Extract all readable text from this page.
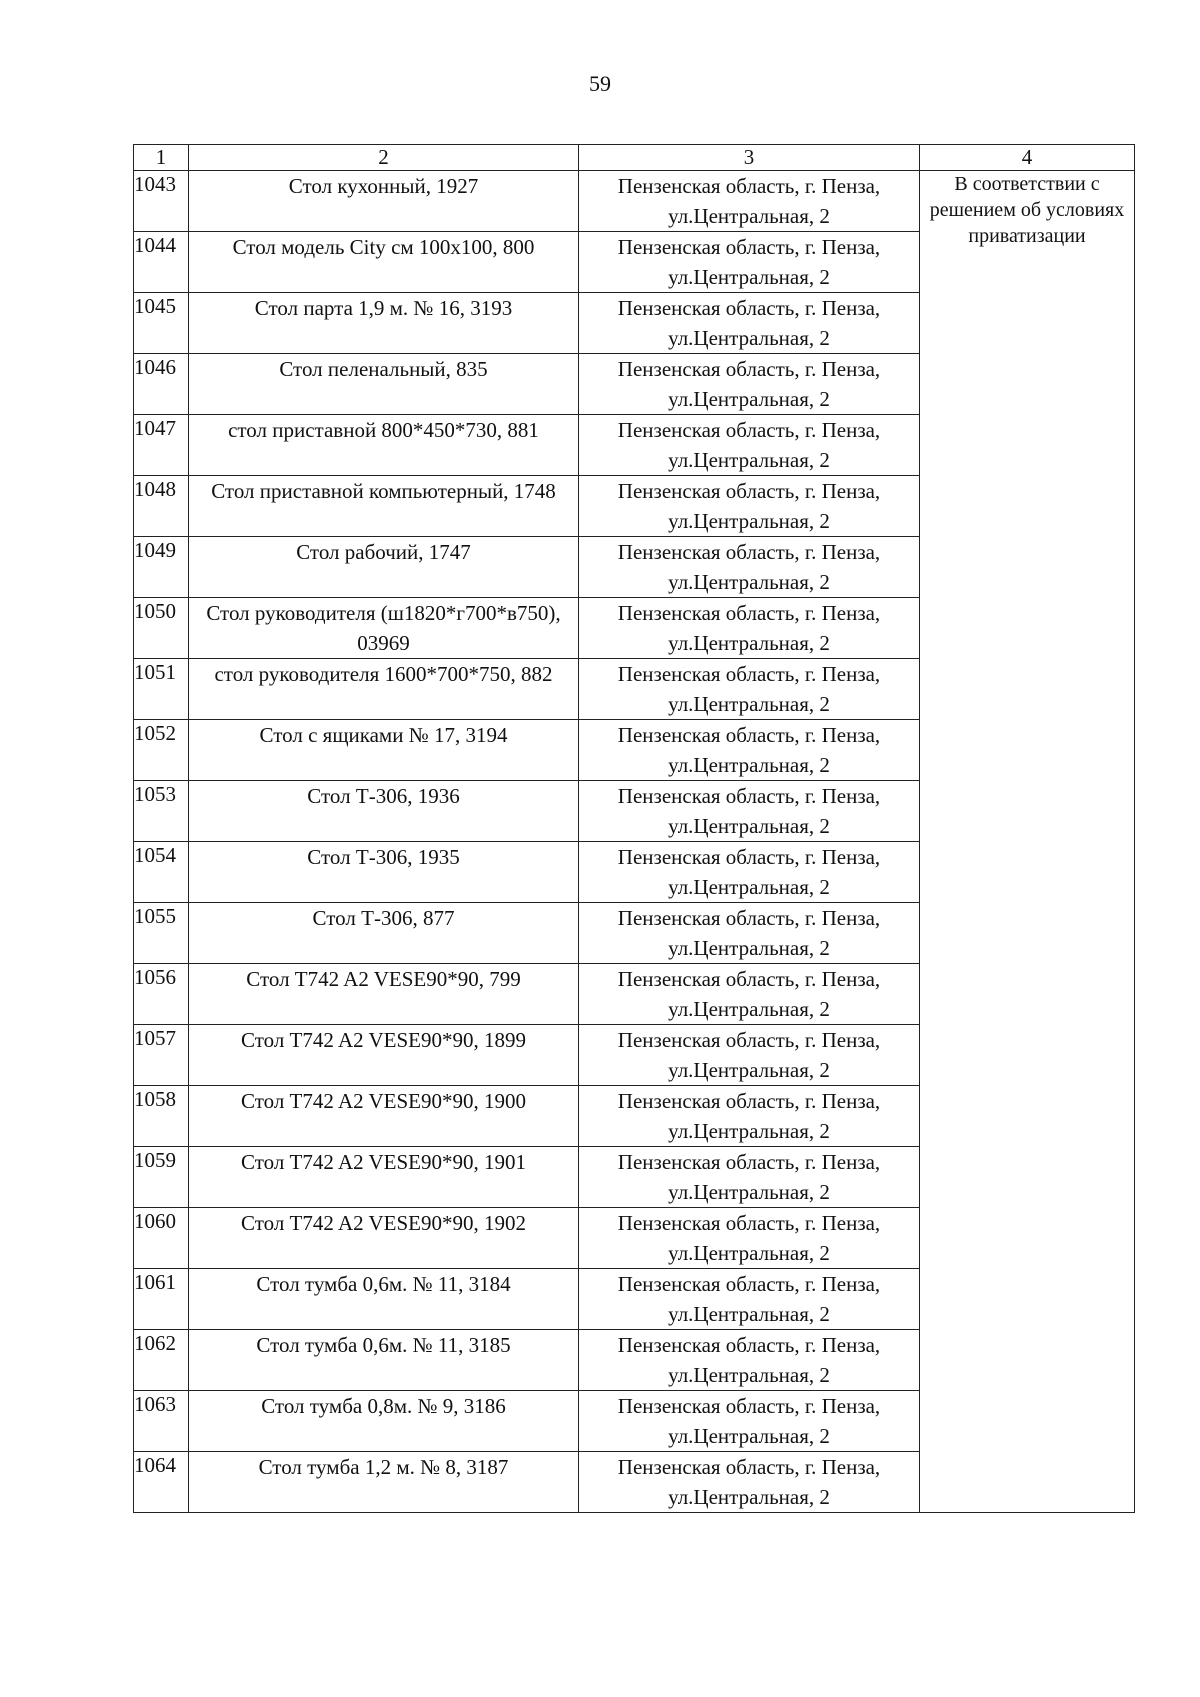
59
1	2	3	4
1043	Стол кухонный, 1927	Пензенская область, г. Пенза,
ул.Центральная, 2	В соответствии с решением об условиях приватизации
1044	Стол модель City см 100х100, 800	Пензенская область, г. Пенза,
ул.Центральная, 2	

1045	Стол парта 1,9 м. № 16, 3193	Пензенская область, г. Пенза,
ул.Центральная, 2	

1046	Стол пеленальный, 835	Пензенская область, г. Пенза,
ул.Центральная, 2	

1047	стол приставной 800*450*730, 881	Пензенская область, г. Пенза,
ул.Центральная, 2	

1048	Стол приставной компьютерный, 1748	Пензенская область, г. Пенза,
ул.Центральная, 2	

1049	Стол рабочий, 1747	Пензенская область, г. Пенза,
ул.Центральная, 2	

1050	Стол руководителя (ш1820*г700*в750), 03969	Пензенская область, г. Пенза,
ул.Центральная, 2	

1051	стол руководителя 1600*700*750, 882	Пензенская область, г. Пенза,
ул.Центральная, 2	

1052	Стол с ящиками № 17, 3194	Пензенская область, г. Пенза,
ул.Центральная, 2	

1053	Стол Т-306, 1936	Пензенская область, г. Пенза,
ул.Центральная, 2	

1054	Стол Т-306, 1935	Пензенская область, г. Пенза,
ул.Центральная, 2	

1055	Стол Т-306, 877	Пензенская область, г. Пенза,
ул.Центральная, 2	

1056	Стол T742 A2 VESE90*90, 799	Пензенская область, г. Пенза,
ул.Центральная, 2	

1057	Стол T742 A2 VESE90*90, 1899	Пензенская область, г. Пенза,
ул.Центральная, 2	

1058	Стол T742 A2 VESE90*90, 1900	Пензенская область, г. Пенза,
ул.Центральная, 2	

1059	Стол T742 A2 VESE90*90, 1901	Пензенская область, г. Пенза,
ул.Центральная, 2	

1060	Стол T742 A2 VESE90*90, 1902	Пензенская область, г. Пенза,
ул.Центральная, 2	

1061	Стол тумба 0,6м. № 11, 3184	Пензенская область, г. Пенза,
ул.Центральная, 2	

1062	Стол тумба 0,6м. № 11, 3185	Пензенская область, г. Пенза,
ул.Центральная, 2	

1063	Стол тумба 0,8м. № 9, 3186	Пензенская область, г. Пенза,
ул.Центральная, 2	

1064	Стол тумба 1,2 м. № 8, 3187	Пензенская область, г. Пенза,
ул.Центральная, 2	
